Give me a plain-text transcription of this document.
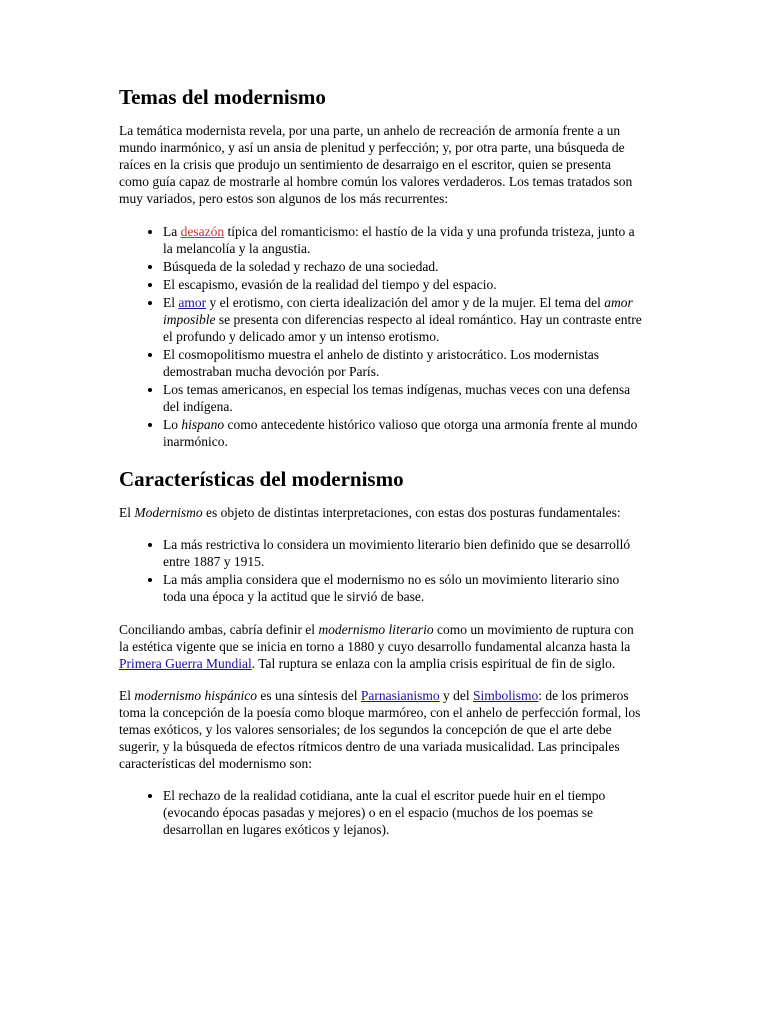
Temas del modernismo

La temática modernista revela, por una parte, un anhelo de recreación de armonía frente a un mundo inarmónico, y así un ansia de plenitud y perfección; y, por otra parte, una búsqueda de raíces en la crisis que produjo un sentimiento de desarraigo en el escritor, quien se presenta como guía capaz de mostrarle al hombre común los valores verdaderos. Los temas tratados son muy variados, pero estos son algunos de los más recurrentes:

• La desazón típica del romanticismo: el hastío de la vida y una profunda tristeza, junto a la melancolía y la angustia.
• Búsqueda de la soledad y rechazo de una sociedad.
• El escapismo, evasión de la realidad del tiempo y del espacio.
• El amor y el erotismo, con cierta idealización del amor y de la mujer. El tema del amor imposible se presenta con diferencias respecto al ideal romántico. Hay un contraste entre el profundo y delicado amor y un intenso erotismo.
• El cosmopolitismo muestra el anhelo de distinto y aristocrático. Los modernistas demostraban mucha devoción por París.
• Los temas americanos, en especial los temas indígenas, muchas veces con una defensa del indígena.
• Lo hispano como antecedente histórico valioso que otorga una armonía frente al mundo inarmónico.
Características del modernismo

El Modernismo es objeto de distintas interpretaciones, con estas dos posturas fundamentales:

• La más restrictiva lo considera un movimiento literario bien definido que se desarrolló entre 1887 y 1915.
• La más amplia considera que el modernismo no es sólo un movimiento literario sino toda una época y la actitud que le sirvió de base.

Conciliando ambas, cabría definir el modernismo literario como un movimiento de ruptura con la estética vigente que se inicia en torno a 1880 y cuyo desarrollo fundamental alcanza hasta la Primera Guerra Mundial. Tal ruptura se enlaza con la amplia crisis espiritual de fin de siglo.

El modernismo hispánico es una síntesis del Parnasianismo y del Simbolismo: de los primeros toma la concepción de la poesía como bloque marmóreo, con el anhelo de perfección formal, los temas exóticos, y los valores sensoriales; de los segundos la concepción de que el arte debe sugerir, y la búsqueda de efectos rítmicos dentro de una variada musicalidad. Las principales características del modernismo son:

• El rechazo de la realidad cotidiana, ante la cual el escritor puede huir en el tiempo (evocando épocas pasadas y mejores) o en el espacio (muchos de los poemas se desarrollan en lugares exóticos y lejanos).
